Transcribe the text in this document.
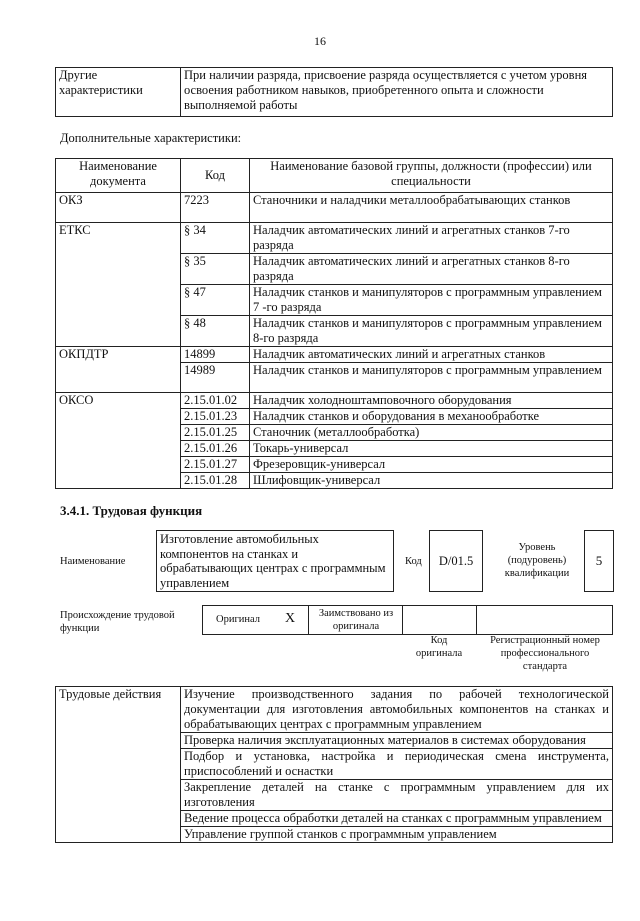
16
Другие характеристики	При наличии разряда, присвоение разряда осуществляется с учетом уровня освоения работником навыков, приобретенного опыта и сложности выполняемой работы
Дополнительные характеристики:
Наименование документа	Код	Наименование базовой группы, должности (профессии) или специальности
ОКЗ	7223	Станочники и наладчики металлообрабатывающих станков
ЕТКС	§ 34	Наладчик автоматических линий и агрегатных станков 7-го разряда
	§ 35	Наладчик автоматических линий и агрегатных станков 8-го разряда
	§ 47	Наладчик станков и манипуляторов с программным управлением 7 -го разряда
	§ 48	Наладчик станков и манипуляторов с программным управлением 8-го разряда
ОКПДТР	14899	Наладчик автоматических линий и агрегатных станков
	14989	Наладчик станков и манипуляторов с программным управлением
ОКСО	2.15.01.02	Наладчик холодноштамповочного оборудования
	2.15.01.23	Наладчик станков и оборудования в механообработке
	2.15.01.25	Станочник (металлообработка)
	2.15.01.26	Токарь-универсал
	2.15.01.27	Фрезеровщик-универсал
	2.15.01.28	Шлифовщик-универсал
3.4.1. Трудовая функция
Наименование
Изготовление автомобильных компонентов на станках и обрабатывающих центрах с программным управлением
Код	D/01.5
Уровень (подуровень) квалификации
5
Происхождение трудовой функции
Оригинал X	Заимствовано из оригинала
Код оригинала
Регистрационный номер профессионального стандарта
Трудовые действия	Изучение производственного задания по рабочей технологической документации для изготовления автомобильных компонентов на станках и обрабатывающих центрах с программным управлением
Проверка наличия эксплуатационных материалов в системах оборудования
Подбор и установка, настройка и периодическая смена инструмента, приспособлений и оснастки
Закрепление деталей на станке с программным управлением для их изготовления
Ведение процесса обработки деталей на станках с программным управлением
Управление группой станков с программным управлением
